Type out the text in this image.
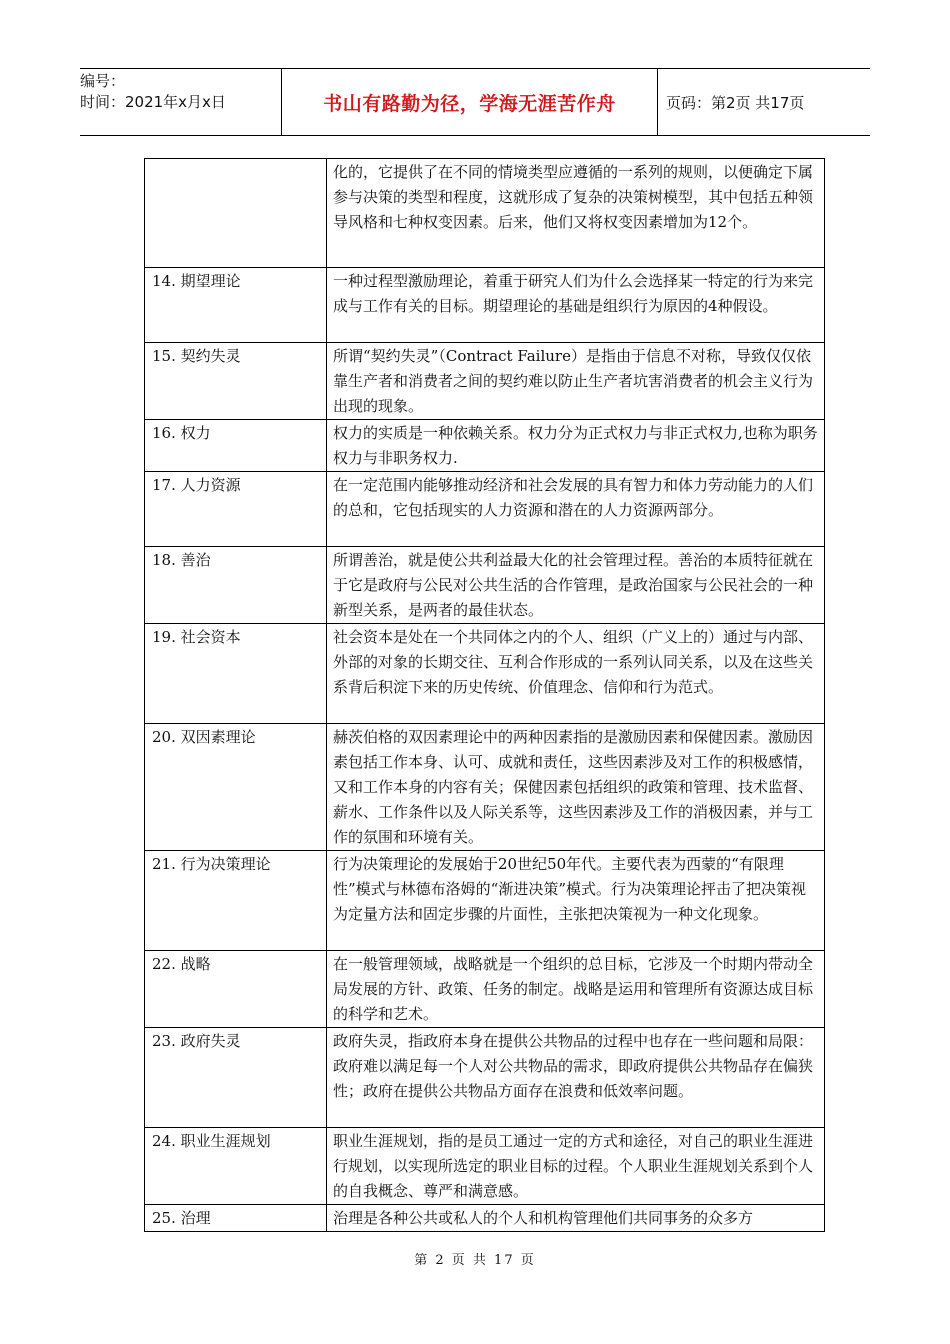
编号：
时间：2021年x月x日	书山有路勤为径，学海无涯苦作舟	页码：第2页 共17页
	化的，它提供了在不同的情境类型应遵循的一系列的规则，以便确定下属参与决策的类型和程度，这就形成了复杂的决策树模型，其中包括五种领导风格和七种权变因素。后来，他们又将权变因素增加为12个。
14. 期望理论	一种过程型激励理论，着重于研究人们为什么会选择某一特定的行为来完成与工作有关的目标。期望理论的基础是组织行为原因的4种假设。
15. 契约失灵	所谓“契约失灵”（Contract Failure）是指由于信息不对称，导致仅仅依靠生产者和消费者之间的契约难以防止生产者坑害消费者的机会主义行为出现的现象。
16. 权力	权力的实质是一种依赖关系。权力分为正式权力与非正式权力,也称为职务权力与非职务权力.
17. 人力资源	在一定范围内能够推动经济和社会发展的具有智力和体力劳动能力的人们的总和，它包括现实的人力资源和潜在的人力资源两部分。
18. 善治	所谓善治，就是使公共利益最大化的社会管理过程。善治的本质特征就在于它是政府与公民对公共生活的合作管理，是政治国家与公民社会的一种新型关系，是两者的最佳状态。
19. 社会资本	社会资本是处在一个共同体之内的个人、组织（广义上的）通过与内部、外部的对象的长期交往、互利合作形成的一系列认同关系，以及在这些关系背后积淀下来的历史传统、价值理念、信仰和行为范式。
20. 双因素理论	赫茨伯格的双因素理论中的两种因素指的是激励因素和保健因素。激励因素包括工作本身、认可、成就和责任，这些因素涉及对工作的积极感情，又和工作本身的内容有关；保健因素包括组织的政策和管理、技术监督、薪水、工作条件以及人际关系等，这些因素涉及工作的消极因素，并与工作的氛围和环境有关。
21. 行为决策理论	行为决策理论的发展始于20世纪50年代。主要代表为西蒙的“有限理性”模式与林德布洛姆的“渐进决策”模式。行为决策理论抨击了把决策视为定量方法和固定步骤的片面性，主张把决策视为一种文化现象。
22. 战略	在一般管理领域，战略就是一个组织的总目标，它涉及一个时期内带动全局发展的方针、政策、任务的制定。战略是运用和管理所有资源达成目标的科学和艺术。
23. 政府失灵	政府失灵，指政府本身在提供公共物品的过程中也存在一些问题和局限：政府难以满足每一个人对公共物品的需求，即政府提供公共物品存在偏狭性；政府在提供公共物品方面存在浪费和低效率问题。
24. 职业生涯规划	职业生涯规划，指的是员工通过一定的方式和途径，对自己的职业生涯进行规划，以实现所选定的职业目标的过程。个人职业生涯规划关系到个人的自我概念、尊严和满意感。
25. 治理	治理是各种公共或私人的个人和机构管理他们共同事务的众多方
第 2 页 共 17 页
